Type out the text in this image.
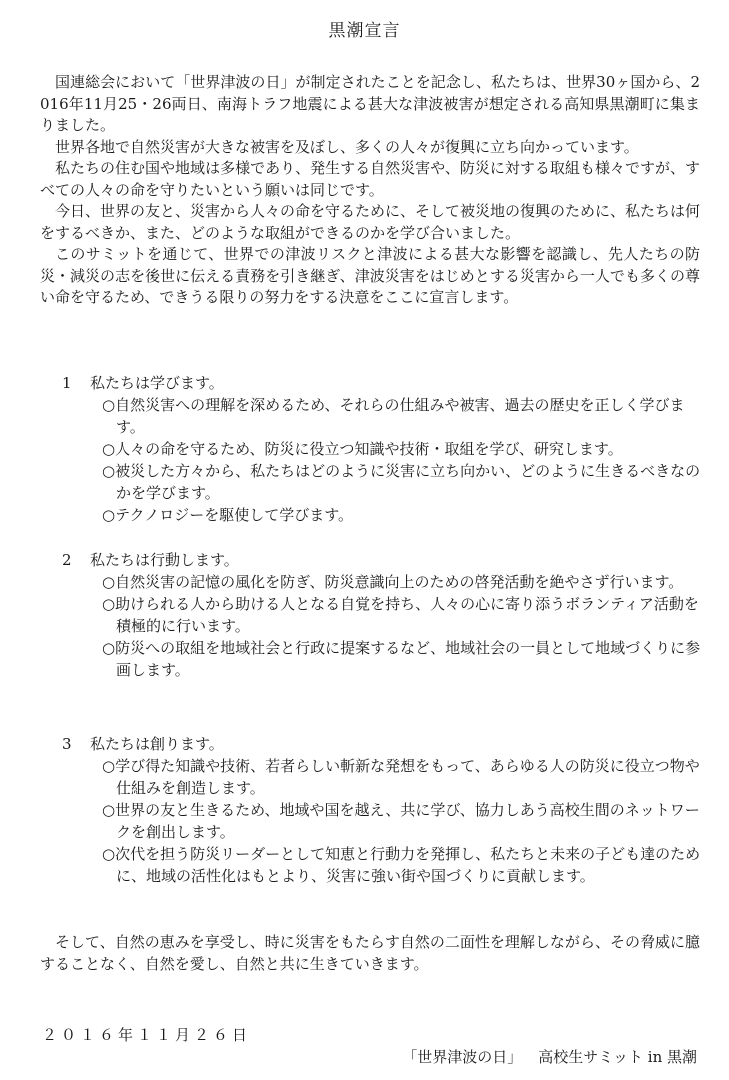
黒潮宣言

国連総会において「世界津波の日」が制定されたことを記念し、私たちは、世界30ヶ国から、2016年11月25・26両日、南海トラフ地震による甚大な津波被害が想定される高知県黒潮町に集まりました。

世界各地で自然災害が大きな被害を及ぼし、多くの人々が復興に立ち向かっています。

私たちの住む国や地域は多様であり、発生する自然災害や、防災に対する取組も様々ですが、すべての人々の命を守りたいという願いは同じです。

今日、世界の友と、災害から人々の命を守るために、そして被災地の復興のために、私たちは何をするべきか、また、どのような取組ができるのかを学び合いました。

このサミットを通じて、世界での津波リスクと津波による甚大な影響を認識し、先人たちの防災・減災の志を後世に伝える責務を引き継ぎ、津波災害をはじめとする災害から一人でも多くの尊い命を守るため、できうる限りの努力をする決意をここに宣言します。

1 私たちは学びます。

○自然災害への理解を深めるため、それらの仕組みや被害、過去の歴史を正しく学びます。

○人々の命を守るため、防災に役立つ知識や技術・取組を学び、研究します。

○被災した方々から、私たちはどのように災害に立ち向かい、どのように生きるべきなのかを学びます。

○テクノロジーを駆使して学びます。

2 私たちは行動します。

○自然災害の記憶の風化を防ぎ、防災意識向上のための啓発活動を絶やさず行います。

○助けられる人から助ける人となる自覚を持ち、人々の心に寄り添うボランティア活動を積極的に行います。

○防災への取組を地域社会と行政に提案するなど、地域社会の一員として地域づくりに参画します。

3 私たちは創ります。

○学び得た知識や技術、若者らしい斬新な発想をもって、あらゆる人の防災に役立つ物や仕組みを創造します。

○世界の友と生きるため、地域や国を越え、共に学び、協力しあう高校生間のネットワークを創出します。

○次代を担う防災リーダーとして知恵と行動力を発揮し、私たちと未来の子ども達のために、地域の活性化はもとより、災害に強い街や国づくりに貢献します。

そして、自然の恵みを享受し、時に災害をもたらす自然の二面性を理解しながら、その脅威に臆することなく、自然を愛し、自然と共に生きていきます。

２０１６年１１月２６日
「世界津波の日」 高校生サミット in 黒潮
